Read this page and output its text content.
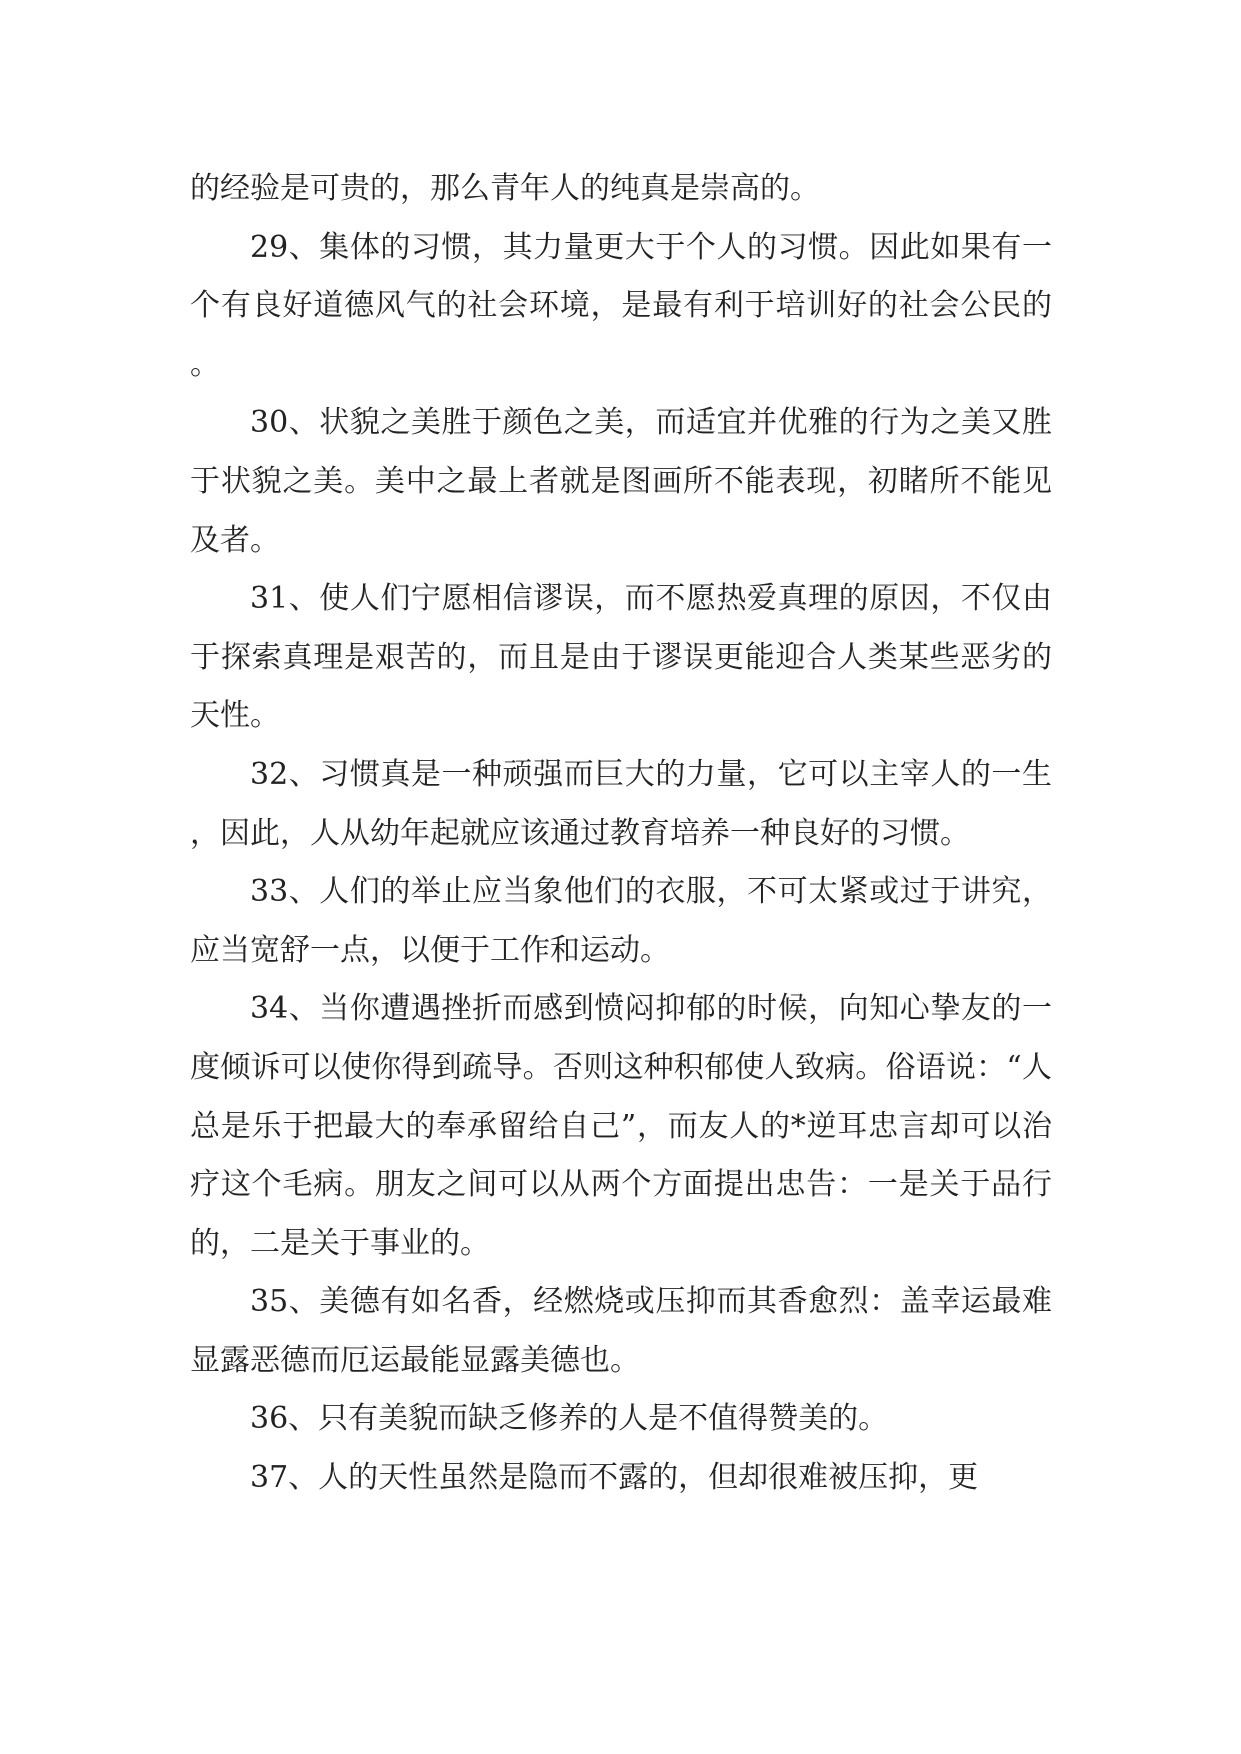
的经验是可贵的，那么青年人的纯真是崇高的。

29、集体的习惯，其力量更大于个人的习惯。因此如果有一个有良好道德风气的社会环境，是最有利于培训好的社会公民的。

30、状貌之美胜于颜色之美，而适宜并优雅的行为之美又胜于状貌之美。美中之最上者就是图画所不能表现，初睹所不能见及者。

31、使人们宁愿相信谬误，而不愿热爱真理的原因，不仅由于探索真理是艰苦的，而且是由于谬误更能迎合人类某些恶劣的天性。

32、习惯真是一种顽强而巨大的力量，它可以主宰人的一生，因此，人从幼年起就应该通过教育培养一种良好的习惯。

33、人们的举止应当象他们的衣服，不可太紧或过于讲究，应当宽舒一点，以便于工作和运动。

34、当你遭遇挫折而感到愤闷抑郁的时候，向知心挚友的一度倾诉可以使你得到疏导。否则这种积郁使人致病。俗语说：“人总是乐于把最大的奉承留给自己”，而友人的*逆耳忠言却可以治疗这个毛病。朋友之间可以从两个方面提出忠告：一是关于品行的，二是关于事业的。

35、美德有如名香，经燃烧或压抑而其香愈烈：盖幸运最难显露恶德而厄运最能显露美德也。

36、只有美貌而缺乏修养的人是不值得赞美的。

37、人的天性虽然是隐而不露的，但却很难被压抑，更
